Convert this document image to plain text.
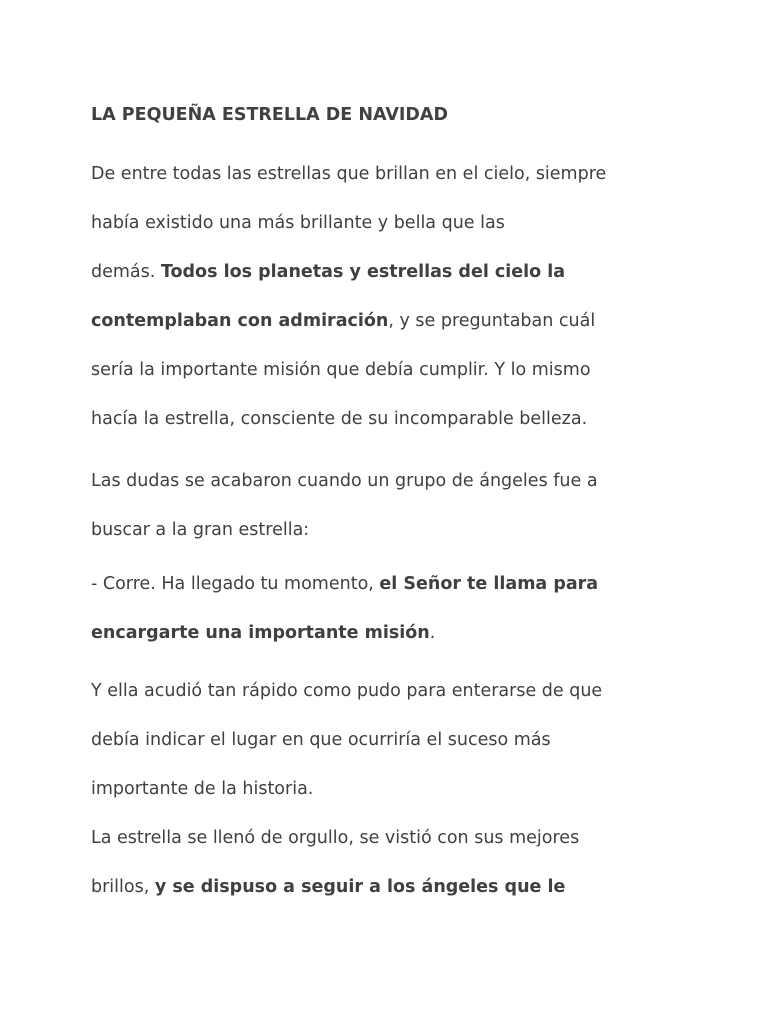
LA PEQUEÑA ESTRELLA DE NAVIDAD

De entre todas las estrellas que brillan en el cielo, siempre
había existido una más brillante y bella que las
demás. Todos los planetas y estrellas del cielo la
contemplaban con admiración, y se preguntaban cuál
sería la importante misión que debía cumplir. Y lo mismo
hacía la estrella, consciente de su incomparable belleza.

Las dudas se acabaron cuando un grupo de ángeles fue a
buscar a la gran estrella:

- Corre. Ha llegado tu momento, el Señor te llama para
encargarte una importante misión.

Y ella acudió tan rápido como pudo para enterarse de que
debía indicar el lugar en que ocurriría el suceso más
importante de la historia.
La estrella se llenó de orgullo, se vistió con sus mejores
brillos, y se dispuso a seguir a los ángeles que le
